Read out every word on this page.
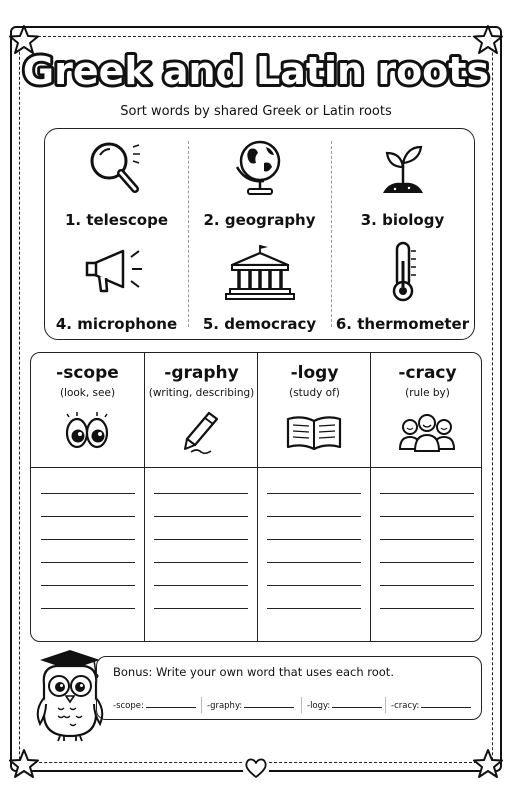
Greek and Latin roots
Sort words by shared Greek or Latin roots
1. telescope	2. geography	3. biology
4. microphone	5. democracy	6. thermometer
-scope
(look, see)
-graphy
(writing, describing)
-logy
(study of)
-cracy
(rule by)
Bonus: Write your own word that uses each root.
-scope:	-graphy:	-logy:	-cracy:
